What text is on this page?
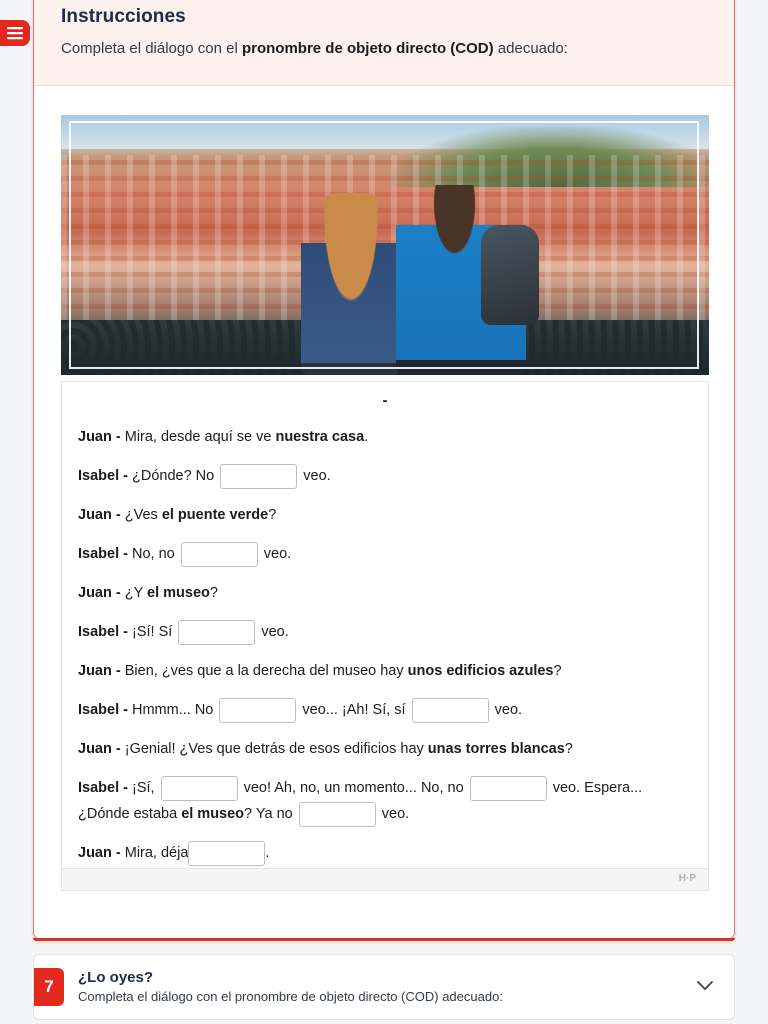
Instrucciones

Completa el diálogo con el pronombre de objeto directo (COD) adecuado:

-
Juan - Mira, desde aquí se ve nuestra casa.
Isabel - ¿Dónde? No	veo.
Juan - ¿Ves el puente verde?
Isabel - No, no	veo.
Juan - ¿Y el museo?
Isabel - ¡Sí! Sí	veo.
Juan - Bien, ¿ves que a la derecha del museo hay unos edificios azules?
Isabel - Hmmm... No	veo... ¡Ah! Sí, sí	veo.
Juan - ¡Genial! ¿Ves que detrás de esos edificios hay unas torres blancas?
Isabel - ¡Sí,	veo! Ah, no, un momento... No, no	veo. Espera...
¿Dónde estaba el museo? Ya no	veo.
Juan - Mira, déja	.
H·P
7	¿Lo oyes?
Completa el diálogo con el pronombre de objeto directo (COD) adecuado:
